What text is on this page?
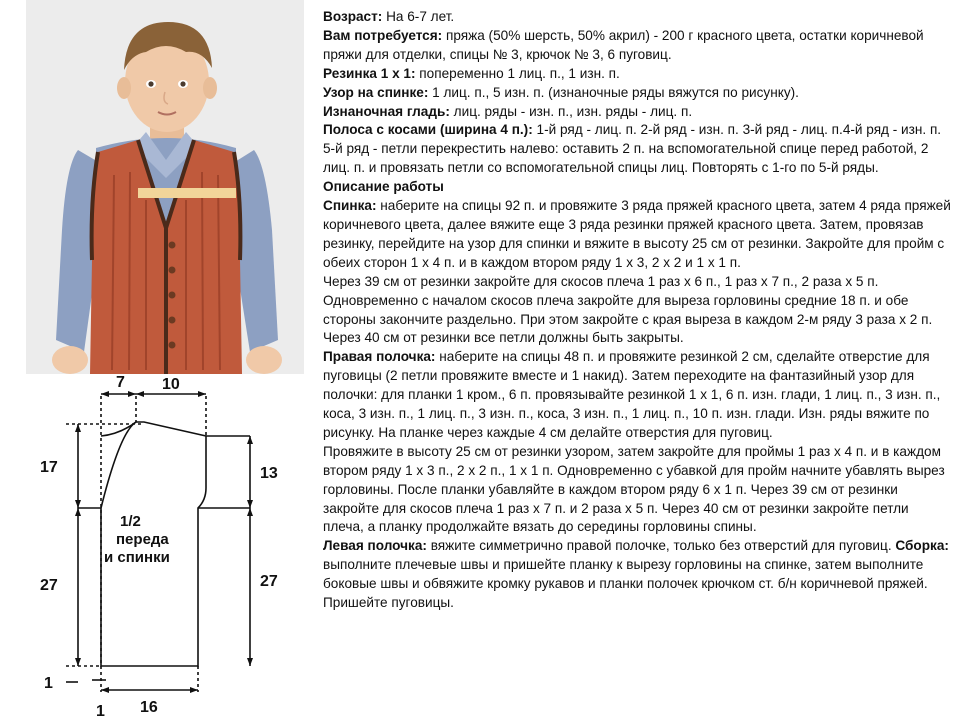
7 10
17
27
13
27
16
1
1
1/2
переда
и спинки

Возраст: На 6-7 лет.

Вам потребуется: пряжа (50% шерсть, 50% акрил) - 200 г красного цвета, остатки коричневой пряжи для отделки, спицы № 3, крючок № 3, 6 пуговиц.

Резинка 1 х 1: попеременно 1 лиц. п., 1 изн. п.

Узор на спинке: 1 лиц. п., 5 изн. п. (изнаночные ряды вяжутся по рисунку).

Изнаночная гладь: лиц. ряды - изн. п., изн. ряды - лиц. п.

Полоса с косами (ширина 4 п.): 1-й ряд - лиц. п. 2-й ряд - изн. п. 3-й ряд - лиц. п.4-й ряд - изн. п. 5-й ряд - петли перекрестить налево: оставить 2 п. на вспомогательной спице перед работой, 2 лиц. п. и провязать петли со вспомогательной спицы лиц. Повторять с 1-го по 5-й ряды.

Описание работы

Спинка: наберите на спицы 92 п. и провяжите 3 ряда пряжей красного цвета, затем 4 ряда пряжей коричневого цвета, далее вяжите еще 3 ряда резинки пряжей красного цвета. Затем, провязав резинку, перейдите на узор для спинки и вяжите в высоту 25 см от резинки. Закройте для пройм с обеих сторон 1 х 4 п. и в каждом втором ряду 1 х 3, 2 х 2 и 1 х 1 п.

Через 39 см от резинки закройте для скосов плеча 1 раз х 6 п., 1 раз х 7 п., 2 раза х 5 п. Одновременно с началом скосов плеча закройте для выреза горловины средние 18 п. и обе стороны закончите раздельно. При этом закройте с края выреза в каждом 2-м ряду 3 раза х 2 п. Через 40 см от резинки все петли должны быть закрыты.

Правая полочка: наберите на спицы 48 п. и провяжите резинкой 2 см, сделайте отверстие для пуговицы (2 петли провяжите вместе и 1 накид). Затем переходите на фантазийный узор для полочки: для планки 1 кром., 6 п. провязывайте резинкой 1 х 1, 6 п. изн. глади, 1 лиц. п., 3 изн. п., коса, 3 изн. п., 1 лиц. п., 3 изн. п., коса, 3 изн. п., 1 лиц. п., 10 п. изн. глади. Изн. ряды вяжите по рисунку. На планке через каждые 4 см делайте отверстия для пуговиц.

Провяжите в высоту 25 см от резинки узором, затем закройте для проймы 1 раз х 4 п. и в каждом втором ряду 1 х 3 п., 2 х 2 п., 1 х 1 п. Одновременно с убавкой для пройм начните убавлять вырез горловины. После планки убавляйте в каждом втором ряду 6 х 1 п. Через 39 см от резинки закройте для скосов плеча 1 раз х 7 п. и 2 раза х 5 п. Через 40 см от резинки закройте петли плеча, а планку продолжайте вязать до середины горловины спины.

Левая полочка: вяжите симметрично правой полочке, только без отверстий для пуговиц. Сборка: выполните плечевые швы и пришейте планку к вырезу горловины на спинке, затем выполните боковые швы и обвяжите кромку рукавов и планки полочек крючком ст. б/н коричневой пряжей. Пришейте пуговицы.
